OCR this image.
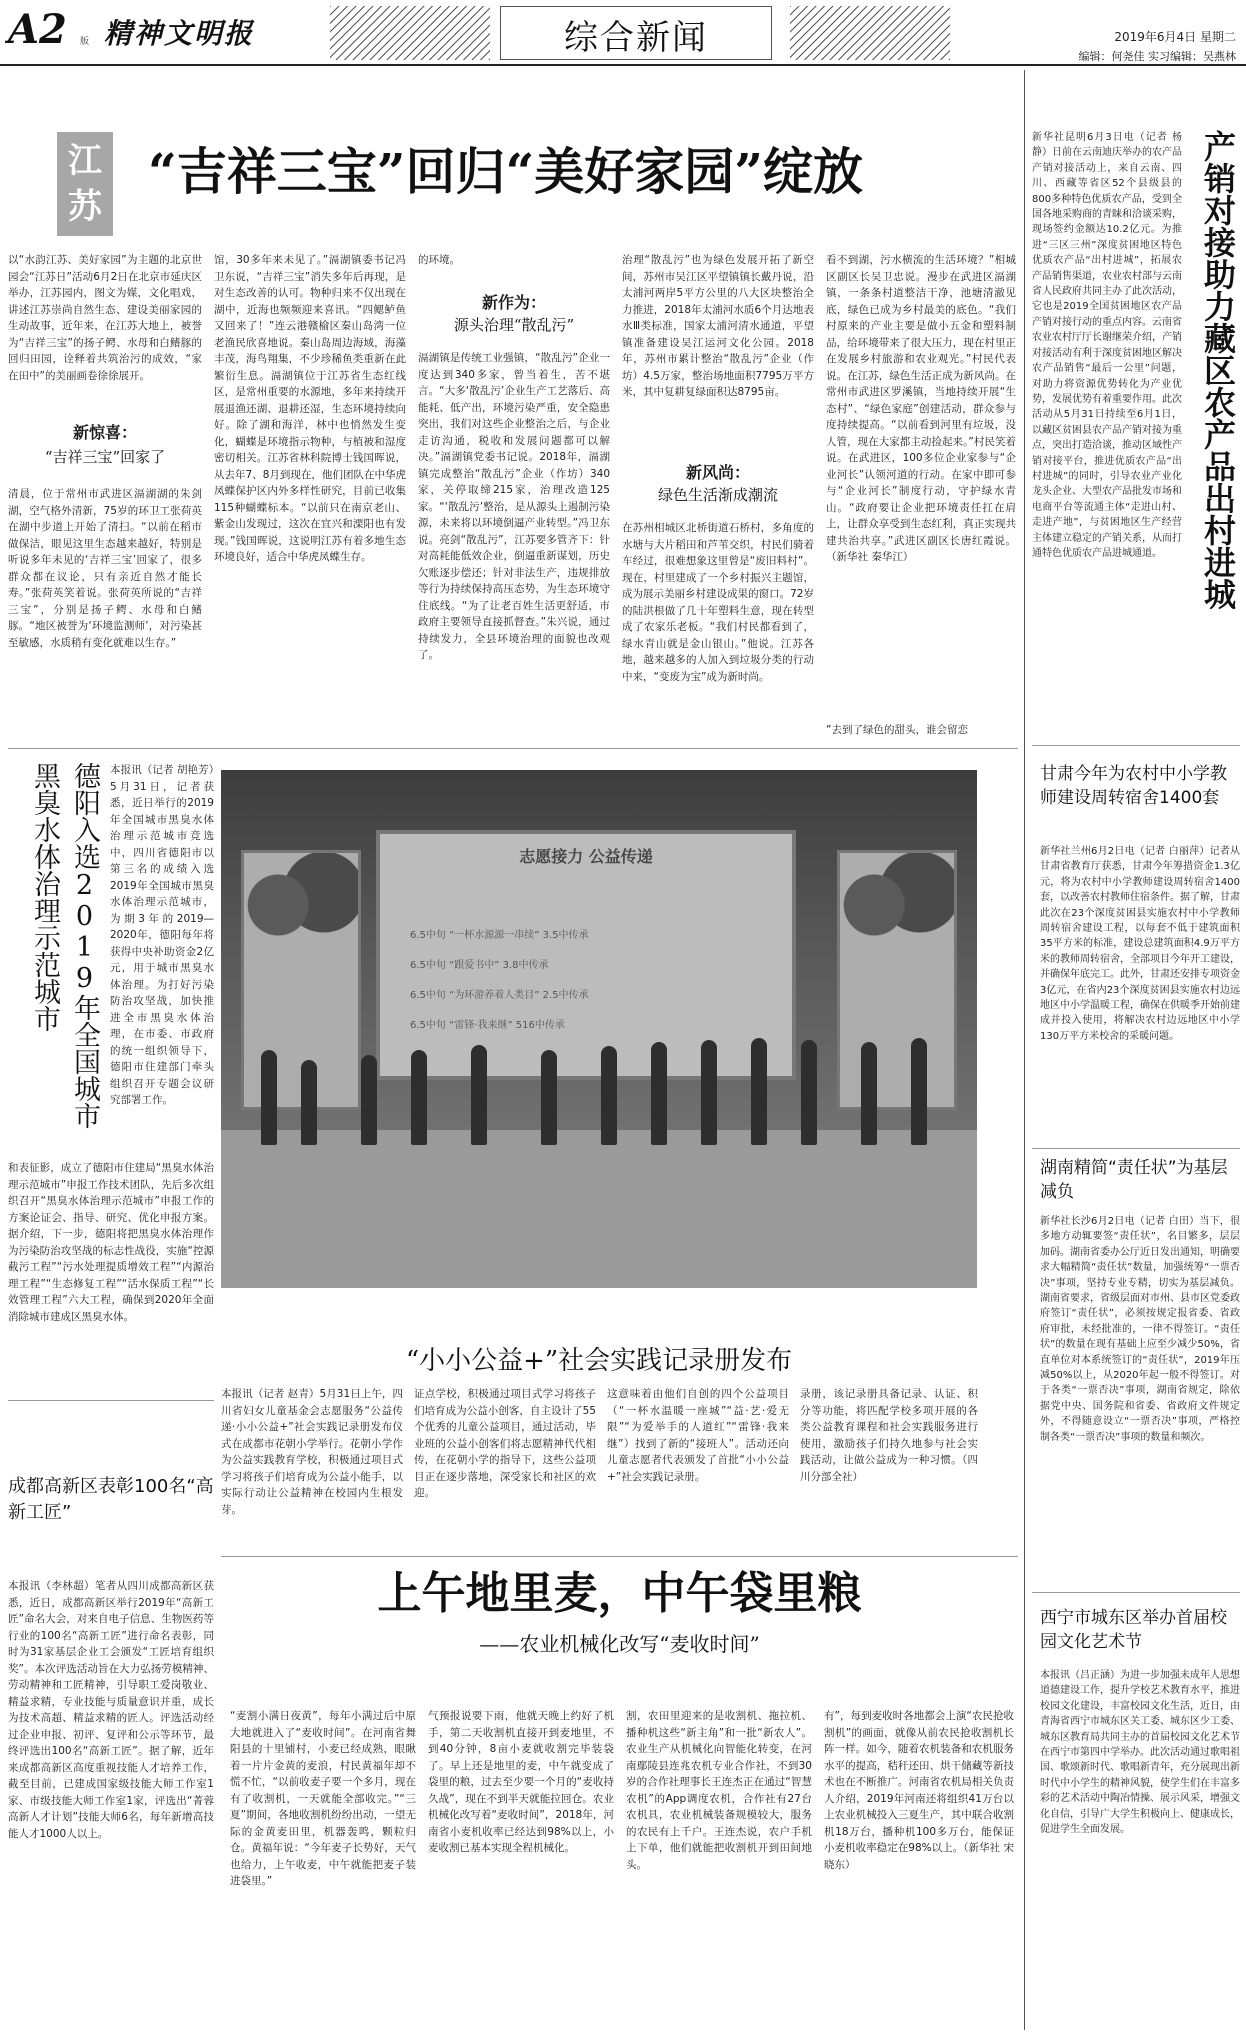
A2 版 精神文明报	综合新闻	2019年6月4日 星期二
编辑：何尧佳 实习编辑：吴燕林
江
苏
“吉祥三宝”回归“美好家园”绽放
以“水韵江苏、美好家园”为主题的北京世园会“江苏日”活动6月2日在北京市延庆区举办，江苏园内，图文为媒，文化唱戏，讲述江苏崇尚自然生态、建设美丽家园的生动故事，近年来，在江苏大地上，被誉为“吉祥三宝”的扬子鳄、水母和白鳍豚的回归田园，诠释着共筑治污的成效，“家在田中”的美丽画卷徐徐展开。
新惊喜：
“吉祥三宝”回家了
清晨，位于常州市武进区滆湖湖的朱剑湖，空气格外清新，75岁的环卫工张荷英在湖中步道上开始了清扫。“以前在稻市做保洁，眼见这里生态越来越好，特别是听说多年未见的‘吉祥三宝’回家了，很多群众都在议论，只有亲近自然才能长寿。”张荷英笑着说。张荷英所说的“吉祥三宝”，分别是扬子鳄、水母和白鳍豚。“地区被誉为‘环境监测师’，对污染甚至敏感，水质稍有变化就难以生存。”
馆，30多年来未见了。”滆湖镇委书记冯卫东说，“吉祥三宝”消失多年后再现，是对生态改善的认可。物种归来不仅出现在湖中，近海也频频迎来喜讯。“四鳃鲈鱼又回来了！”连云港赣榆区秦山岛湾一位老渔民欣喜地说。秦山岛周边海域，海藻丰茂，海鸟翔集，不少珍稀鱼类重新在此繁衍生息。滆湖镇位于江苏省生态红线区，是常州重要的水源地，多年来持续开展退渔还湖、退耕还湿，生态环境持续向好。除了湖和海洋，林中也悄然发生变化，蝴蝶是环境指示物种，与植被和湿度密切相关。江苏省林科院博士钱国晖说，从去年7、8月到现在，他们团队在中华虎凤蝶保护区内外多样性研究，目前已收集115种蝴蝶标本。“以前只在南京老山、紫金山发现过，这次在宜兴和溧阳也有发现。”钱国晖说，这说明江苏有着多地生态环境良好，适合中华虎凤蝶生存。
的环境。
新作为：
源头治理“散乱污”
滆湖镇是传统工业强镇，“散乱污”企业一度达到340多家，曾当着生，苦不堪言。“大多‘散乱污’企业生产工艺落后、高能耗、低产出，环境污染严重，安全隐患突出，我们对这些企业整治之后，与企业走访沟通，税收和发展问题都可以解决。”滆湖镇党委书记说。2018年，滆湖镇完成整治“散乱污”企业（作坊）340家，关停取缔215家，治理改造125家。“‘散乱污’整治，是从源头上遏制污染源，未来将以环境倒逼产业转型。”冯卫东说。亮剑“散乱污”，江苏要多管齐下：针对高耗能低效企业，倒逼重新谋划，历史欠账逐步偿还；针对非法生产，违规排放等行为持续保持高压态势，为生态环境守住底线。“为了让老百姓生活更舒适，市政府主要领导直接抓督查。”朱兴说，通过持续发力，全县环境治理的面貌也改观了。
治理“散乱污”也为绿色发展开拓了新空间，苏州市吴江区平望镇镇长戴丹说，沿太浦河两岸5平方公里的八大区块整治全力推进，2018年太浦河水质6个月达地表水Ⅲ类标准，国家太浦河清水通道，平望镇准备建设吴江运河文化公园。2018年，苏州市累计整治“散乱污”企业（作坊）4.5万家，整治场地面积7795万平方米，其中复耕复绿面积达8795亩。
新风尚：
绿色生活渐成潮流
在苏州相城区北桥街道石桥村，多角度的水塘与大片稻田和芦苇交织，村民们骑着车经过，很难想象这里曾是“废旧料村”。现在，村里建成了一个乡村振兴主题馆，成为展示美丽乡村建设成果的窗口。72岁的陆洪根做了几十年塑料生意，现在转型成了农家乐老板。“我们村民都看到了，绿水青山就是金山银山。”他说。江苏各地，越来越多的人加入到垃圾分类的行动中来，“变废为宝”成为新时尚。
看不到湖，污水横流的生活环境？”相城区副区长吴卫忠说。漫步在武进区滆湖镇，一条条村道整洁干净，池塘清澈见底，绿色已成为乡村最美的底色。“我们村原来的产业主要是做小五金和塑料制品，给环境带来了很大压力，现在村里正在发展乡村旅游和农业观光。”村民代表说。在江苏，绿色生活正成为新风尚。在常州市武进区罗溪镇，当地持续开展“生态村”、“绿色家庭”创建活动，群众参与度持续提高。“以前看到河里有垃圾，没人管，现在大家都主动捡起来。”村民笑着说。在武进区，100多位企业家参与“企业河长”认领河道的行动。在家中即可参与“企业河长”制度行动，守护绿水青山。“政府要让企业把环境责任扛在肩上，让群众享受到生态红利，真正实现共建共治共享。”武进区副区长唐红霞说。（新华社 秦华江）
”去到了绿色的甜头，谁会留恋
新华社昆明6月3日电（记者 杨静）日前在云南迪庆举办的农产品产销对接活动上，来自云南、四川、西藏等省区52个县级县的800多种特色优质农产品，受到全国各地采购商的青睐和洽谈采购，现场签约金额达10.2亿元。为推进“三区三州”深度贫困地区特色优质农产品“出村进城”，拓展农产品销售渠道，农业农村部与云南省人民政府共同主办了此次活动，它也是2019全国贫困地区农产品产销对接行动的重点内容。云南省农业农村厅厅长谢继荣介绍，产销对接活动有利于深度贫困地区解决农产品销售“最后一公里”问题，对助力将资源优势转化为产业优势，发展优势有着重要作用。此次活动从5月31日持续至6月1日，以藏区贫困县农产品产销对接为重点，突出打造洽谈，推动区域性产销对接平台，推进优质农产品“出村进城”的同时，引导农业产业化龙头企业、大型农产品批发市场和电商平台等流通主体“走进山村、走进产地”，与贫困地区生产经营主体建立稳定的产销关系，从而打通特色优质农产品进城通道。	产销对接助力藏区农产品出村进城
德阳入选2019年全国城市黑臭水体治理示范城市	本报讯（记者 胡艳芳）5月31日，记者获悉，近日举行的2019年全国城市黑臭水体治理示范城市竞选中，四川省德阳市以第三名的成绩入选2019年全国城市黑臭水体治理示范城市，为期3年的2019—2020年，德阳每年将获得中央补助资金2亿元，用于城市黑臭水体治理。为打好污染防治攻坚战，加快推进全市黑臭水体治理，在市委、市政府的统一组织领导下，德阳市住建部门牵头组织召开专题会议研究部署工作。
和表征影，成立了德阳市住建局“黑臭水体治理示范城市”申报工作技术团队，先后多次组织召开“黑臭水体治理示范城市”申报工作的方案论证会、指导、研究、优化申报方案。据介绍，下一步，德阳将把黑臭水体治理作为污染防治攻坚战的标志性战役，实施“控源截污工程”“污水处理提质增效工程”“内源治理工程”“生态修复工程”“活水保质工程”“长效管理工程”六大工程，确保到2020年全面消除城市建成区黑臭水体。
志愿接力 公益传递
6.5中旬 “一杯水源源一串续” 3.5中传承
6.5中旬 “跟爱书中” 3.8中传承
6.5中旬 “为环游养着人类目” 2.5中传承
6.5中旬 “雷锋·我来继” 516中传承
“小小公益+”社会实践记录册发布
本报讯（记者 赵青）5月31日上午，四川省妇女儿童基金会志愿服务“公益传递·小小公益+”社会实践记录册发布仪式在成都市花朝小学举行。花朝小学作为公益实践教育学校，积极通过项目式学习将孩子们培育成为公益小能手，以实际行动让公益精神在校园内生根发芽。
证点学校，积极通过项目式学习将孩子们培育成为公益小创客，自主设计了55个优秀的儿童公益项目，通过活动，毕业班的公益小创客们将志愿精神代代相传，在花朝小学的指导下，这些公益项目正在逐步落地，深受家长和社区的欢迎。
这意味着由他们自创的四个公益项目（“一杯水温暖一座城”“益·艺·爱无限”“为爱举手的人道红”“雷锋·我来继”）找到了新的“接班人”。活动还向儿童志愿者代表颁发了首批“小小公益+”社会实践记录册。
录册，该记录册具备记录、认证、积分等功能，将匹配学校多项开展的各类公益教育课程和社会实践服务进行使用，激励孩子们持久地参与社会实践活动，让做公益成为一种习惯。（四川分部全社）
成都高新区表彰100名“高新工匠”
本报讯（李林超）笔者从四川成都高新区获悉，近日，成都高新区举行2019年“高新工匠”命名大会，对来自电子信息、生物医药等行业的100名“高新工匠”进行命名表彰，同时为31家基层企业工会颁发“工匠培育组织奖”。本次评选活动旨在大力弘扬劳模精神、劳动精神和工匠精神，引导职工爱岗敬业、精益求精，专业技能与质量意识并重，成长为技术高超、精益求精的匠人。评选活动经过企业申报、初评、复评和公示等环节，最终评选出100名“高新工匠”。据了解，近年来成都高新区高度重视技能人才培养工作，截至目前，已建成国家级技能大师工作室1家、市级技能大师工作室1家，评选出“菁蓉高新人才计划”技能大师6名，每年新增高技能人才1000人以上。
甘肃今年为农村中小学教师建设周转宿舍1400套
新华社兰州6月2日电（记者 白丽萍）记者从甘肃省教育厅获悉，甘肃今年筹措资金1.3亿元，将为农村中小学教师建设周转宿舍1400套，以改善农村教师住宿条件。据了解，甘肃此次在23个深度贫困县实施农村中小学教师周转宿舍建设工程，以每套不低于建筑面积35平方米的标准，建设总建筑面积4.9万平方米的教师周转宿舍，全部项目今年开工建设，并确保年底完工。此外，甘肃还安排专项资金3亿元，在省内23个深度贫困县实施农村边远地区中小学温暖工程，确保在供暖季开始前建成并投入使用，将解决农村边远地区中小学130万平方米校舍的采暖问题。
湖南精简“责任状”为基层减负
新华社长沙6月2日电（记者 白田）当下，很多地方动辄要签“责任状”，名目繁多，层层加码。湖南省委办公厅近日发出通知，明确要求大幅精简“责任状”数量，加强统筹“一票否决”事项，坚持专业专精，切实为基层减负。湖南省要求，省级层面对市州、县市区党委政府签订“责任状”，必须按规定报省委、省政府审批，未经批准的，一律不得签订。“责任状”的数量在现有基础上应至少减少50%，省直单位对本系统签订的“责任状”，2019年压减50%以上，从2020年起一般不得签订。对于各类“一票否决”事项，湖南省规定，除依据党中央、国务院和省委、省政府文件规定外，不得随意设立“一票否决”事项，严格控制各类“一票否决”事项的数量和频次。
西宁市城东区举办首届校园文化艺术节
本报讯（吕正涵）为进一步加强未成年人思想道德建设工作，提升学校艺术教育水平，推进校园文化建设，丰富校园文化生活，近日，由青海省西宁市城东区关工委、城东区少工委、城东区教育局共同主办的首届校园文化艺术节在西宁市第四中学举办。此次活动通过歌唱祖国、歌颂新时代、歌唱新青年，充分展现出新时代中小学生的精神风貌，使学生们在丰富多彩的艺术活动中陶冶情操、展示风采，增强文化自信，引导广大学生积极向上、健康成长，促进学生全面发展。
上午地里麦，中午袋里粮
——农业机械化改写“麦收时间”
“麦割小满日夜黄”，每年小满过后中原大地就进入了“麦收时间”。在河南省舞阳县的十里铺村，小麦已经成熟，眼瞅着一片片金黄的麦浪，村民黄福年却不慌不忙，“以前收麦子要一个多月，现在有了收割机，一天就能全部收完。”“三夏”期间，各地收割机纷纷出动，一望无际的金黄麦田里，机器轰鸣，颗粒归仓。黄福年说：“今年麦子长势好，天气也给力，上午收麦，中午就能把麦子装进袋里。”
气预报说要下雨，他就天晚上约好了机手，第二天收割机直接开到麦地里，不到40分钟，8亩小麦就收割完毕装袋了。早上还是地里的麦，中午就变成了袋里的粮，过去至少要一个月的“麦收持久战”，现在不到半天就能拉回仓。农业机械化改写着“麦收时间”，2018年，河南省小麦机收率已经达到98%以上，小麦收割已基本实现全程机械化。
割，农田里迎来的是收割机、拖拉机、播种机这些“新主角”和一批“新农人”。农业生产从机械化向智能化转变，在河南鄢陵县连兆农机专业合作社，不到30岁的合作社理事长王连杰正在通过“智慧农机”的App调度农机，合作社有27台农机具，农业机械装备规模较大，服务的农民有上千户。王连杰说，农户手机上下单，他们就能把收割机开到田间地头。
有”，每到麦收时各地都会上演“农民抢收割机”的画面，就像从前农民抢收割机长阵一样。如今，随着农机装备和农机服务水平的提高，秸秆还田、烘干储藏等新技术也在不断推广。河南省农机局相关负责人介绍，2019年河南还将组织41万台以上农业机械投入三夏生产，其中联合收割机18万台，播种机100多万台，能保证小麦机收率稳定在98%以上。（新华社 宋晓东）
